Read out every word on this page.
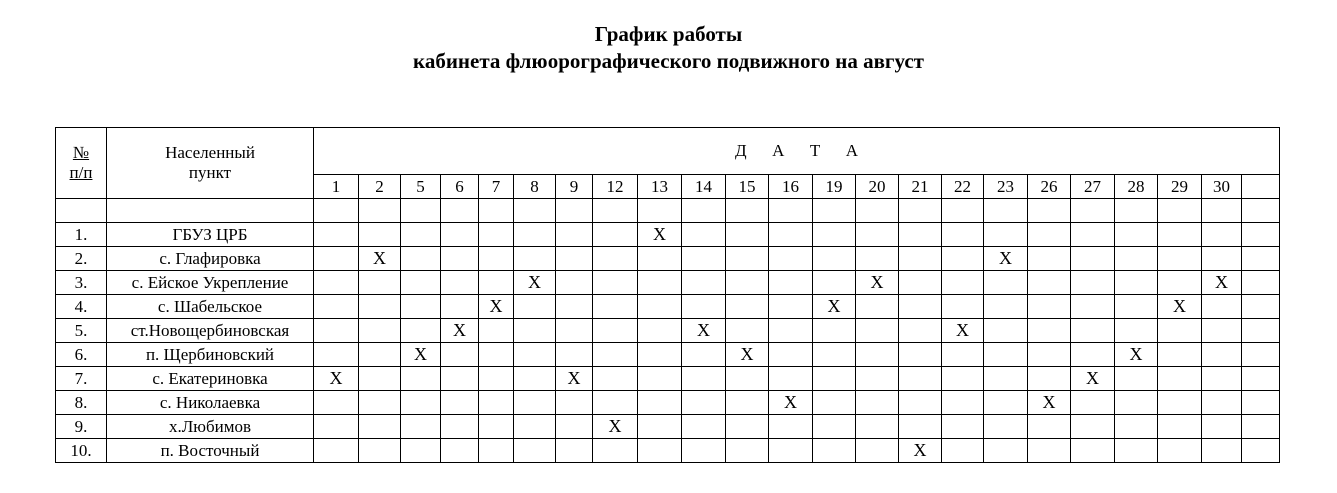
График работы
кабинета флюорографического подвижного на август
№
п/п	Населенный
пункт	Д      А      Т      А																						
		1	2	5	6	7	8	9	12	13	14	15	16	19	20	21	22	23	26	27	28	29	30	

1.	ГБУЗ ЦРБ									X														
2.	с. Глафировка		X															X						
3.	с. Ейское Укрепление						X								X								X	
4.	с. Шабельское					X								X								X		
5.	ст.Новощербиновская				X						X						X							
6.	п. Щербиновский			X								X									X			
7.	с. Екатериновка	X						X												X				
8.	с. Николаевка												X						X					
9.	х.Любимов								X															
10.	п. Восточный															X								
